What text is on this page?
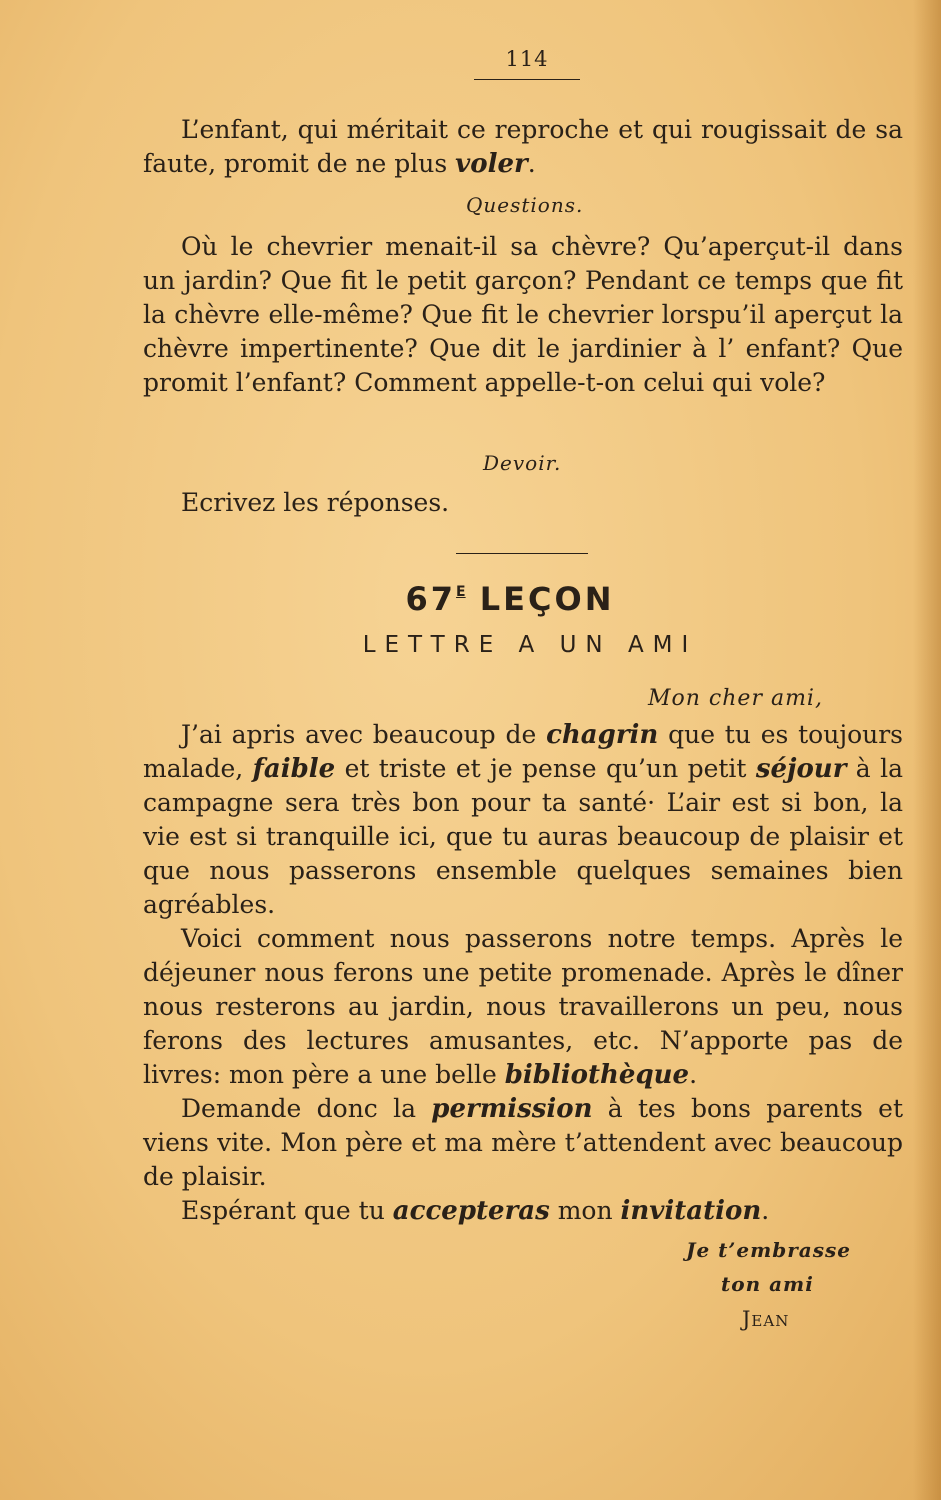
114

L’enfant, qui méritait ce reproche et qui rougissait de sa faute, promit de ne plus voler.

Questions.

Où le chevrier menait-il sa chèvre? Qu’aperçut-il dans un jardin? Que fit le petit garçon? Pendant ce temps que fit la chèvre elle-même? Que fit le chevrier lorspu’il aperçut la chèvre impertinente? Que dit le jardinier à l’ enfant? Que promit l’enfant? Comment appelle-t-on celui qui vole?

Devoir.

Ecrivez les réponses.

$67^E$ LEÇON
LETTRE A UN AMI
Mon cher ami,

J’ai apris avec beaucoup de chagrin que tu es toujours malade, faible et triste et je pense qu’un petit séjour à la campagne sera très bon pour ta santé· L’air est si bon, la vie est si tranquille ici, que tu auras beaucoup de plaisir et que nous passerons ensemble quelques semaines bien agréables.

Voici comment nous passerons notre temps. Après le déjeuner nous ferons une petite promenade. Après le dîner nous resterons au jardin, nous travaillerons un peu, nous ferons des lectures amusantes, etc. N’apporte pas de livres: mon père a une belle bibliothèque.

Demande donc la permission à tes bons parents et viens vite. Mon père et ma mère t’attendent avec beaucoup de plaisir.

Espérant que tu accepteras mon invitation.

Je t’embrasse
ton ami
Jean
